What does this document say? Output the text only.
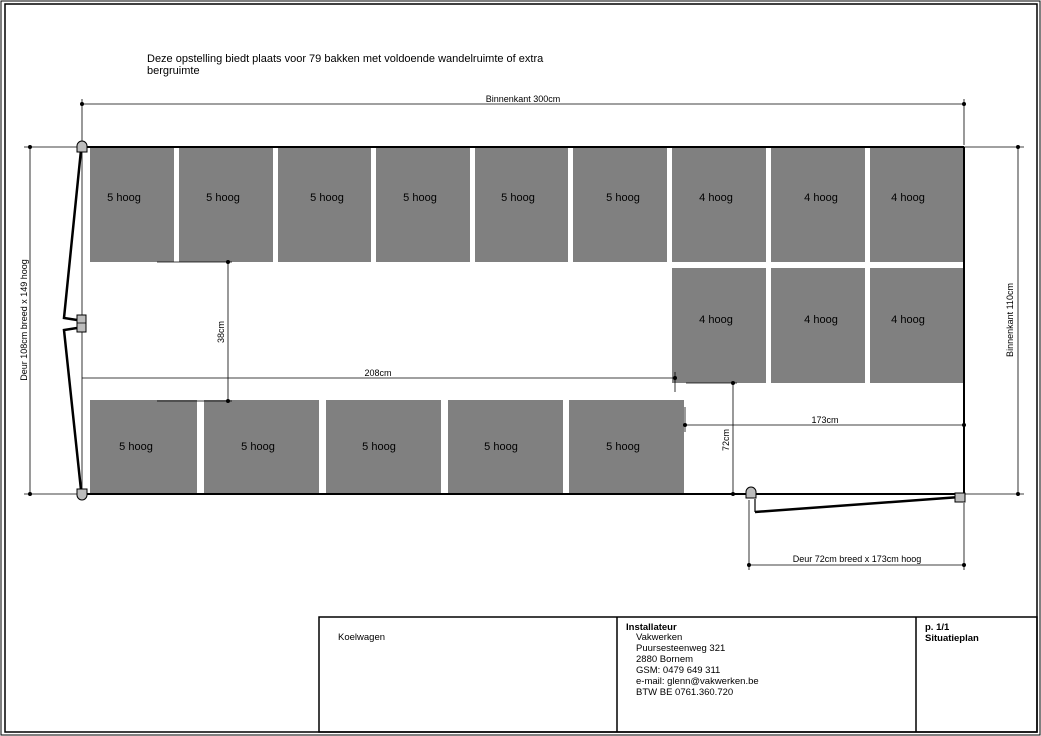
Deze opstelling biedt plaats voor 79 bakken met voldoende wandelruimte of extra
bergruimte
Binnenkant 300cm
Binnenkant 110cm
Deur 108cm breed x 149 hoog
5 hoog	5 hoog	5 hoog	5 hoog	5 hoog	5 hoog	4 hoog	4 hoog	4 hoog
4 hoog	4 hoog	4 hoog
5 hoog	5 hoog	5 hoog	5 hoog	5 hoog
38cm
208cm
72cm
173cm
Deur 72cm breed x 173cm hoog
Koelwagen
Installateur
Vakwerken
Puursesteenweg 321
2880 Bornem
GSM: 0479 649 311
e-mail: glenn@vakwerken.be
BTW BE 0761.360.720
p. 1/1
Situatieplan
